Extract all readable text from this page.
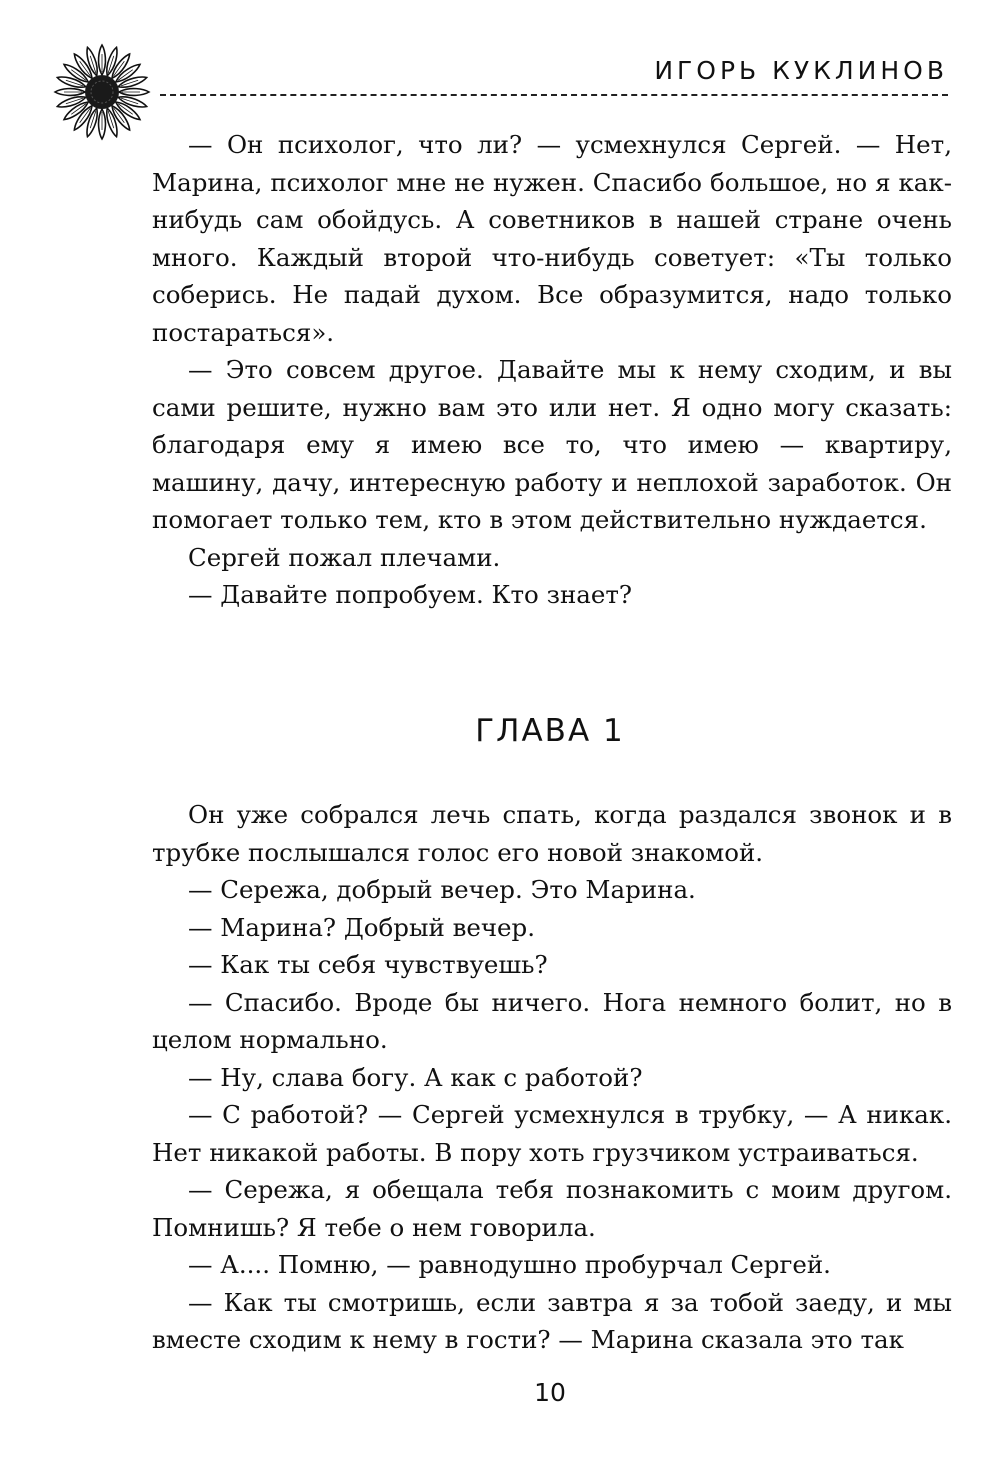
ИГОРЬ КУКЛИНОВ

— Он психолог, что ли? — усмехнулся Сергей. — Нет, Марина, психолог мне не нужен. Спасибо большое, но я как-нибудь сам обойдусь. А советников в нашей стране очень много. Каждый второй что-нибудь советует: «Ты только соберись. Не падай духом. Все образумится, надо только постараться».

— Это совсем другое. Давайте мы к нему сходим, и вы сами решите, нужно вам это или нет. Я одно могу сказать: благодаря ему я имею все то, что имею — квартиру, машину, дачу, интересную работу и неплохой заработок. Он помогает только тем, кто в этом действительно нуждается.

Сергей пожал плечами.

— Давайте попробуем. Кто знает?

ГЛАВА 1

Он уже собрался лечь спать, когда раздался звонок и в трубке послышался голос его новой знакомой.

— Сережа, добрый вечер. Это Марина.

— Марина? Добрый вечер.

— Как ты себя чувствуешь?

— Спасибо. Вроде бы ничего. Нога немного болит, но в целом нормально.

— Ну, слава богу. А как с работой?

— С работой? — Сергей усмехнулся в трубку, — А никак. Нет никакой работы. В пору хоть грузчиком устраиваться.

— Сережа, я обещала тебя познакомить с моим другом. Помнишь? Я тебе о нем говорила.

— А.... Помню, — равнодушно пробурчал Сергей.

— Как ты смотришь, если завтра я за тобой заеду, и мы вместе сходим к нему в гости? — Марина сказала это так

10
